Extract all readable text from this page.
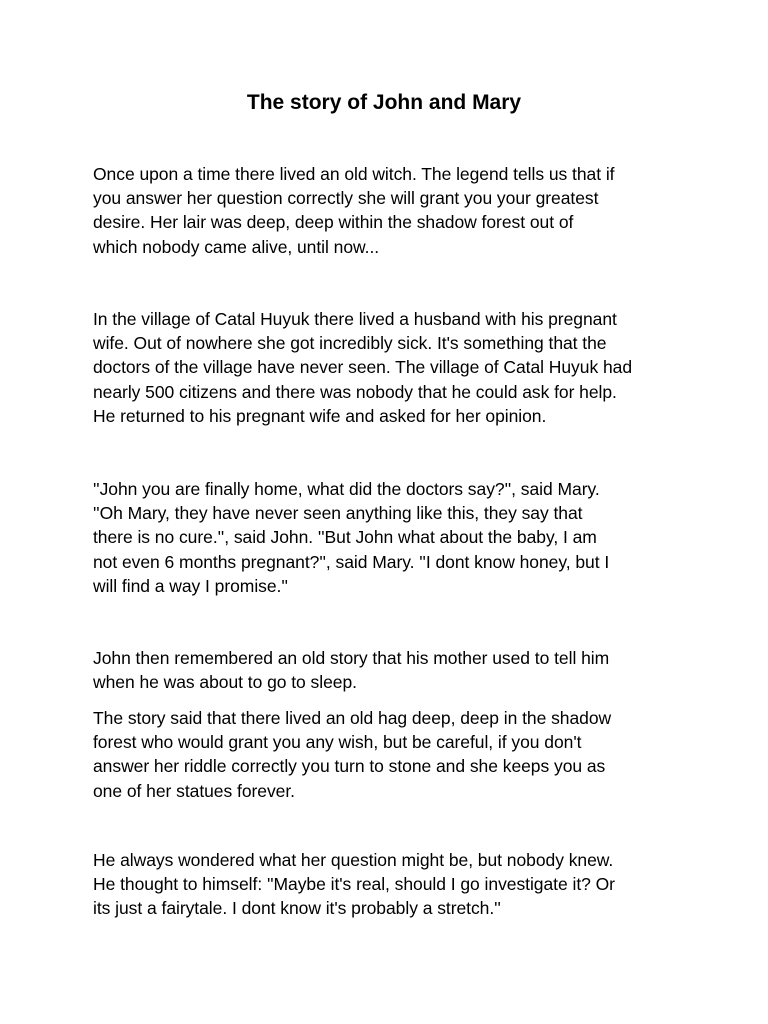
The story of John and Mary
Once upon a time there lived an old witch. The legend tells us that if
you answer her question correctly she will grant you your greatest
desire. Her lair was deep, deep within the shadow forest out of
which nobody came alive, until now...
In the village of Catal Huyuk there lived a husband with his pregnant
wife. Out of nowhere she got incredibly sick. It's something that the
doctors of the village have never seen. The village of Catal Huyuk had
nearly 500 citizens and there was nobody that he could ask for help.
He returned to his pregnant wife and asked for her opinion.
''John you are finally home, what did the doctors say?'', said Mary.
''Oh Mary, they have never seen anything like this, they say that
there is no cure.'', said John. ''But John what about the baby, I am
not even 6 months pregnant?'', said Mary. ''I dont know honey, but I
will find a way I promise.''
John then remembered an old story that his mother used to tell him
when he was about to go to sleep.
The story said that there lived an old hag deep, deep in the shadow
forest who would grant you any wish, but be careful, if you don't
answer her riddle correctly you turn to stone and she keeps you as
one of her statues forever.
He always wondered what her question might be, but nobody knew.
He thought to himself: ''Maybe it's real, should I go investigate it? Or
its just a fairytale. I dont know it's probably a stretch.''
